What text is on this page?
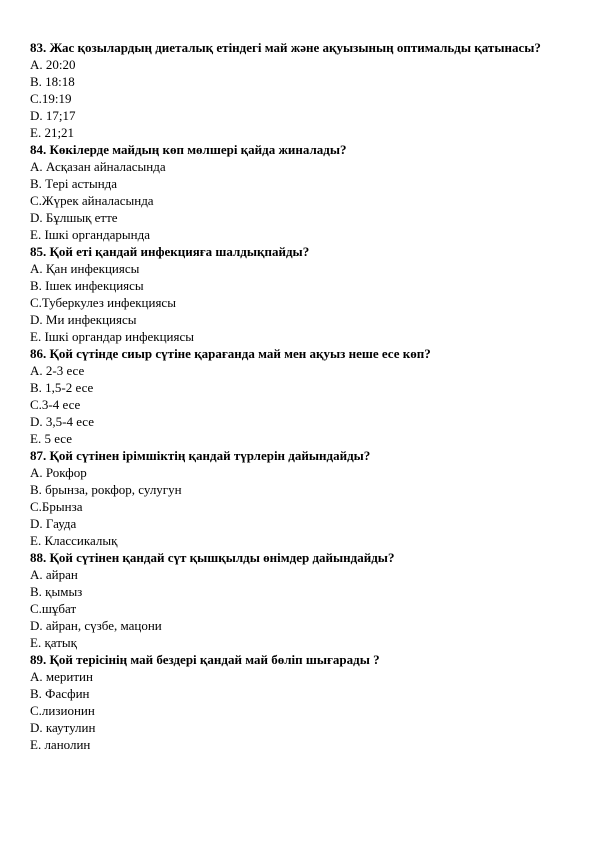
83. Жас қозылардың диеталық етіндегі май және ақуызының оптимальды қатынасы?

A. 20:20

B. 18:18

C.19:19

D. 17;17

E. 21;21

84. Көкілерде майдың көп мөлшері қайда жиналады?

A. Асқазан айналасында

B. Тері астында

C.Жүрек айналасында

D. Бұлшық етте

E. Ішкі органдарында

85. Қой еті қандай инфекцияға шалдықпайды?

A. Қан инфекциясы

B. Ішек инфекциясы

C.Туберкулез инфекциясы

D. Ми инфекциясы

E. Ішкі органдар инфекциясы

86. Қой сүтінде сиыр сүтіне қарағанда май мен ақуыз неше есе көп?

A. 2-3 есе

B. 1,5-2 есе

C.3-4 есе

D. 3,5-4 есе

E. 5 есе

87. Қой сүтінен ірімшіктің қандай түрлерін дайындайды?

A. Рокфор

B. брынза, рокфор, сулугун

C.Брынза

D. Гауда

E. Классикалық

88. Қой сүтінен қандай сүт қышқылды өнімдер дайындайды?

A. айран

B. қымыз

C.шұбат

D. айран, сүзбе, мацони

E. қатық

89. Қой терісінің май бездері қандай май бөліп шығарады ?

A. меритин

B. Фасфин

C.лизионин

D. каутулин

E. ланолин
